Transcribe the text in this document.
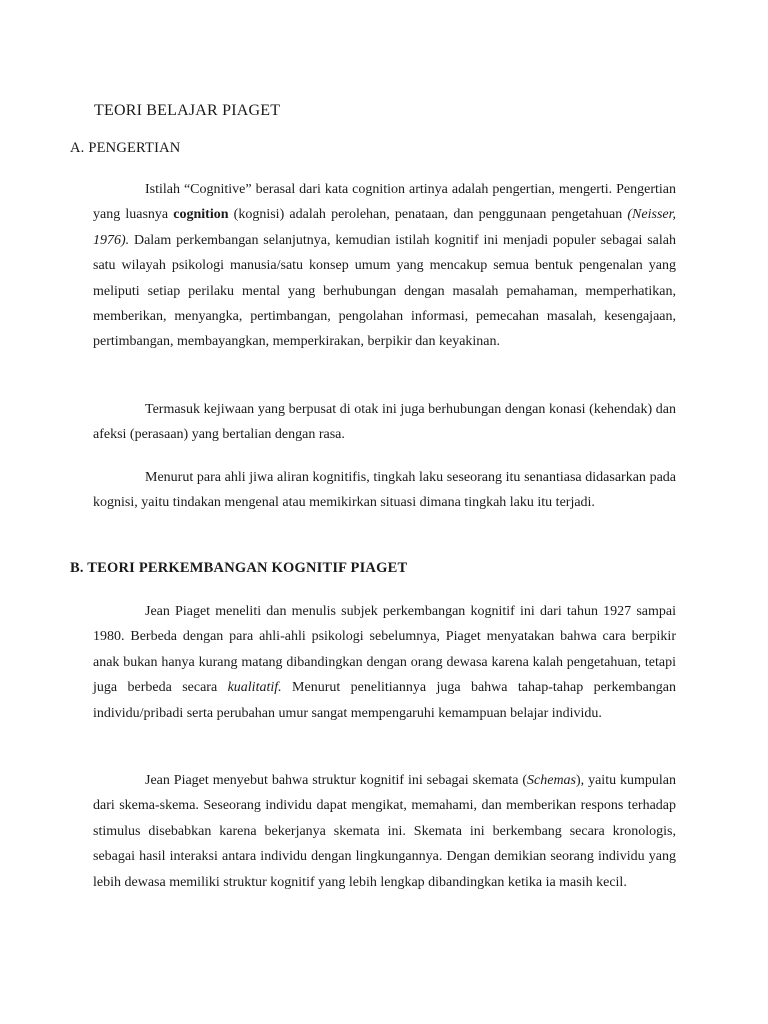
TEORI BELAJAR PIAGET
A. PENGERTIAN

Istilah “Cognitive” berasal dari kata cognition artinya adalah pengertian, mengerti. Pengertian yang luasnya cognition (kognisi) adalah perolehan, penataan, dan penggunaan pengetahuan (Neisser, 1976). Dalam perkembangan selanjutnya, kemudian istilah kognitif ini menjadi populer sebagai salah satu wilayah psikologi manusia/satu konsep umum yang mencakup semua bentuk pengenalan yang meliputi setiap perilaku mental yang berhubungan dengan masalah pemahaman, memperhatikan, memberikan, menyangka, pertimbangan, pengolahan informasi, pemecahan masalah, kesengajaan, pertimbangan, membayangkan, memperkirakan, berpikir dan keyakinan.

Termasuk kejiwaan yang berpusat di otak ini juga berhubungan dengan konasi (kehendak) dan afeksi (perasaan) yang bertalian dengan rasa.

Menurut para ahli jiwa aliran kognitifis, tingkah laku seseorang itu senantiasa didasarkan pada kognisi, yaitu tindakan mengenal atau memikirkan situasi dimana tingkah laku itu terjadi.

B. TEORI PERKEMBANGAN KOGNITIF PIAGET

Jean Piaget meneliti dan menulis subjek perkembangan kognitif ini dari tahun 1927 sampai 1980. Berbeda dengan para ahli-ahli psikologi sebelumnya, Piaget menyatakan bahwa cara berpikir anak bukan hanya kurang matang dibandingkan dengan orang dewasa karena kalah pengetahuan, tetapi juga berbeda secara kualitatif. Menurut penelitiannya juga bahwa tahap-tahap perkembangan individu/pribadi serta perubahan umur sangat mempengaruhi kemampuan belajar individu.

Jean Piaget menyebut bahwa struktur kognitif ini sebagai skemata (Schemas), yaitu kumpulan dari skema-skema. Seseorang individu dapat mengikat, memahami, dan memberikan respons terhadap stimulus disebabkan karena bekerjanya skemata ini. Skemata ini berkembang secara kronologis, sebagai hasil interaksi antara individu dengan lingkungannya. Dengan demikian seorang individu yang lebih dewasa memiliki struktur kognitif yang lebih lengkap dibandingkan ketika ia masih kecil.
